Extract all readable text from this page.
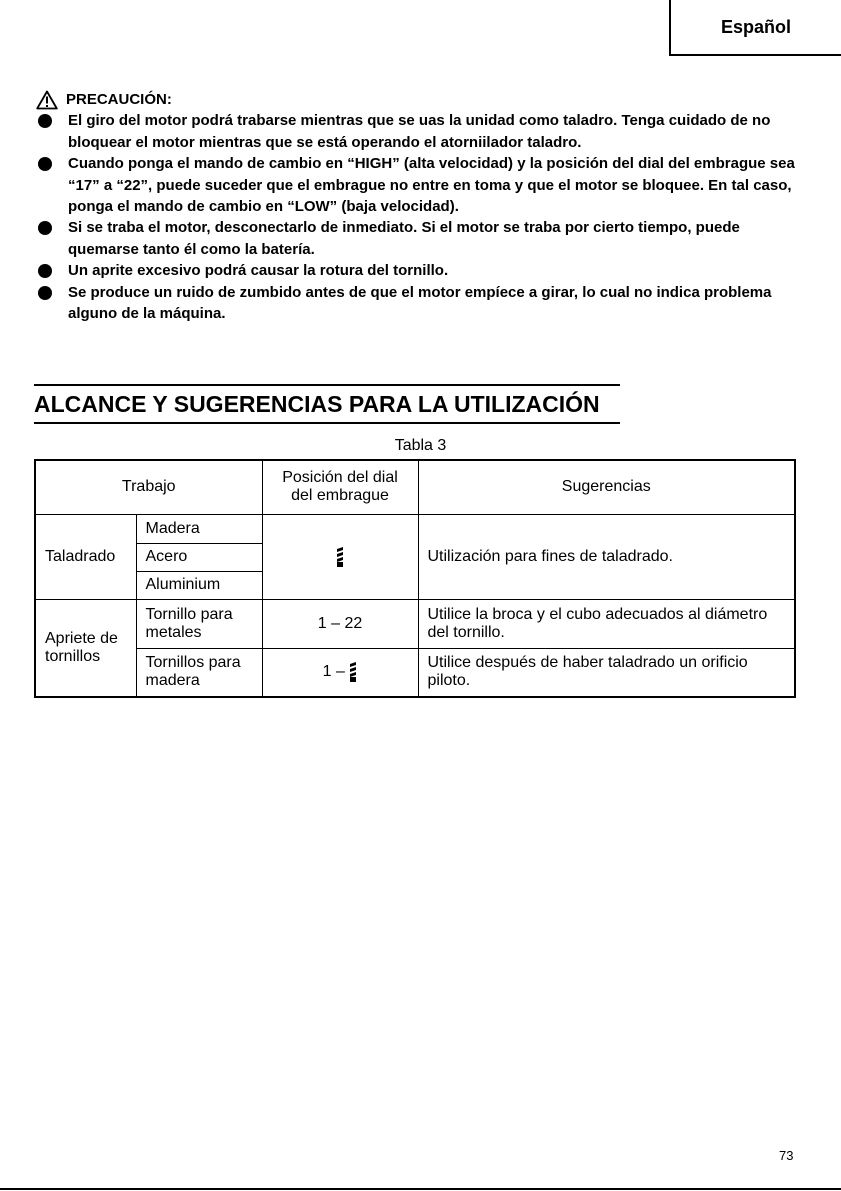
Español
PRECAUCIÓN:
El giro del motor podrá trabarse mientras que se uas la unidad como taladro. Tenga cuidado de no bloquear el motor mientras que se está operando el atorniilador taladro.
Cuando ponga el mando de cambio en “HIGH” (alta velocidad) y la posición del dial del embrague sea “17” a “22”, puede suceder que el embrague no entre en toma y que el motor se bloquee. En tal caso, ponga el mando de cambio en “LOW” (baja velocidad).
Si se traba el motor, desconectarlo de inmediato. Si el motor se traba por cierto tiempo, puede quemarse tanto él como la batería.
Un aprite excesivo podrá causar la rotura del tornillo.
Se produce un ruido de zumbido antes de que el motor empíece a girar, lo cual no indica problema alguno de la máquina.
ALCANCE Y SUGERENCIAS PARA LA UTILIZACIÓN
Tabla 3
Trabajo		Posición del dial del embrague	Sugerencias
Taladrado	Madera		Utilización para fines de taladrado.
	Acero		
	Aluminium		
Apriete de tornillos	Tornillo para metales	1 – 22	Utilice la broca y el cubo adecuados al diámetro del tornillo.
	Tornillos para madera	1 –	Utilice después de haber taladrado un orificio piloto.
73
